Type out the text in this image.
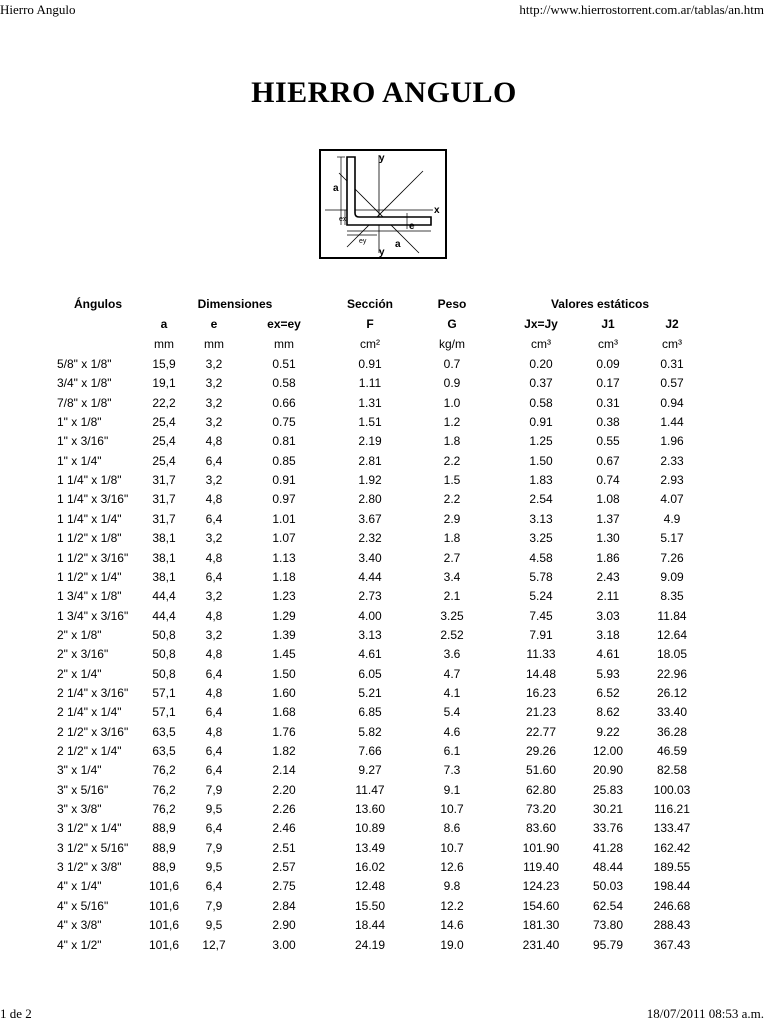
Hierro Angulo	http://www.hierrostorrent.com.ar/tablas/an.htm
HIERRO ANGULO
y
y
x
a
a
e
ex
ey
Ángulos	Dimensiones	Sección	Peso	Valores estáticos
a	e	ex=ey	F	G	Jx=Jy	J1	J2
mm	mm	mm	cm²	kg/m	cm³	cm³	cm³
5/8" x 1/8"	15,9	3,2	0.51	0.91	0.7	0.20	0.09	0.31
3/4" x 1/8"	19,1	3,2	0.58	1.11	0.9	0.37	0.17	0.57
7/8" x 1/8"	22,2	3,2	0.66	1.31	1.0	0.58	0.31	0.94
1" x 1/8"	25,4	3,2	0.75	1.51	1.2	0.91	0.38	1.44
1" x 3/16"	25,4	4,8	0.81	2.19	1.8	1.25	0.55	1.96
1" x 1/4"	25,4	6,4	0.85	2.81	2.2	1.50	0.67	2.33
1 1/4" x 1/8"	31,7	3,2	0.91	1.92	1.5	1.83	0.74	2.93
1 1/4" x 3/16"	31,7	4,8	0.97	2.80	2.2	2.54	1.08	4.07
1 1/4" x 1/4"	31,7	6,4	1.01	3.67	2.9	3.13	1.37	4.9
1 1/2" x 1/8"	38,1	3,2	1.07	2.32	1.8	3.25	1.30	5.17
1 1/2" x 3/16"	38,1	4,8	1.13	3.40	2.7	4.58	1.86	7.26
1 1/2" x 1/4"	38,1	6,4	1.18	4.44	3.4	5.78	2.43	9.09
1 3/4" x 1/8"	44,4	3,2	1.23	2.73	2.1	5.24	2.11	8.35
1 3/4" x 3/16"	44,4	4,8	1.29	4.00	3.25	7.45	3.03	11.84
2" x 1/8"	50,8	3,2	1.39	3.13	2.52	7.91	3.18	12.64
2" x 3/16"	50,8	4,8	1.45	4.61	3.6	11.33	4.61	18.05
2" x 1/4"	50,8	6,4	1.50	6.05	4.7	14.48	5.93	22.96
2 1/4" x 3/16"	57,1	4,8	1.60	5.21	4.1	16.23	6.52	26.12
2 1/4" x 1/4"	57,1	6,4	1.68	6.85	5.4	21.23	8.62	33.40
2 1/2" x 3/16"	63,5	4,8	1.76	5.82	4.6	22.77	9.22	36.28
2 1/2" x 1/4"	63,5	6,4	1.82	7.66	6.1	29.26	12.00	46.59
3" x 1/4"	76,2	6,4	2.14	9.27	7.3	51.60	20.90	82.58
3" x 5/16"	76,2	7,9	2.20	11.47	9.1	62.80	25.83	100.03
3" x 3/8"	76,2	9,5	2.26	13.60	10.7	73.20	30.21	116.21
3 1/2" x 1/4"	88,9	6,4	2.46	10.89	8.6	83.60	33.76	133.47
3 1/2" x 5/16"	88,9	7,9	2.51	13.49	10.7	101.90	41.28	162.42
3 1/2" x 3/8"	88,9	9,5	2.57	16.02	12.6	119.40	48.44	189.55
4" x 1/4"	101,6	6,4	2.75	12.48	9.8	124.23	50.03	198.44
4" x 5/16"	101,6	7,9	2.84	15.50	12.2	154.60	62.54	246.68
4" x 3/8"	101,6	9,5	2.90	18.44	14.6	181.30	73.80	288.43
4" x 1/2"	101,6	12,7	3.00	24.19	19.0	231.40	95.79	367.43
1 de 2	18/07/2011 08:53 a.m.
